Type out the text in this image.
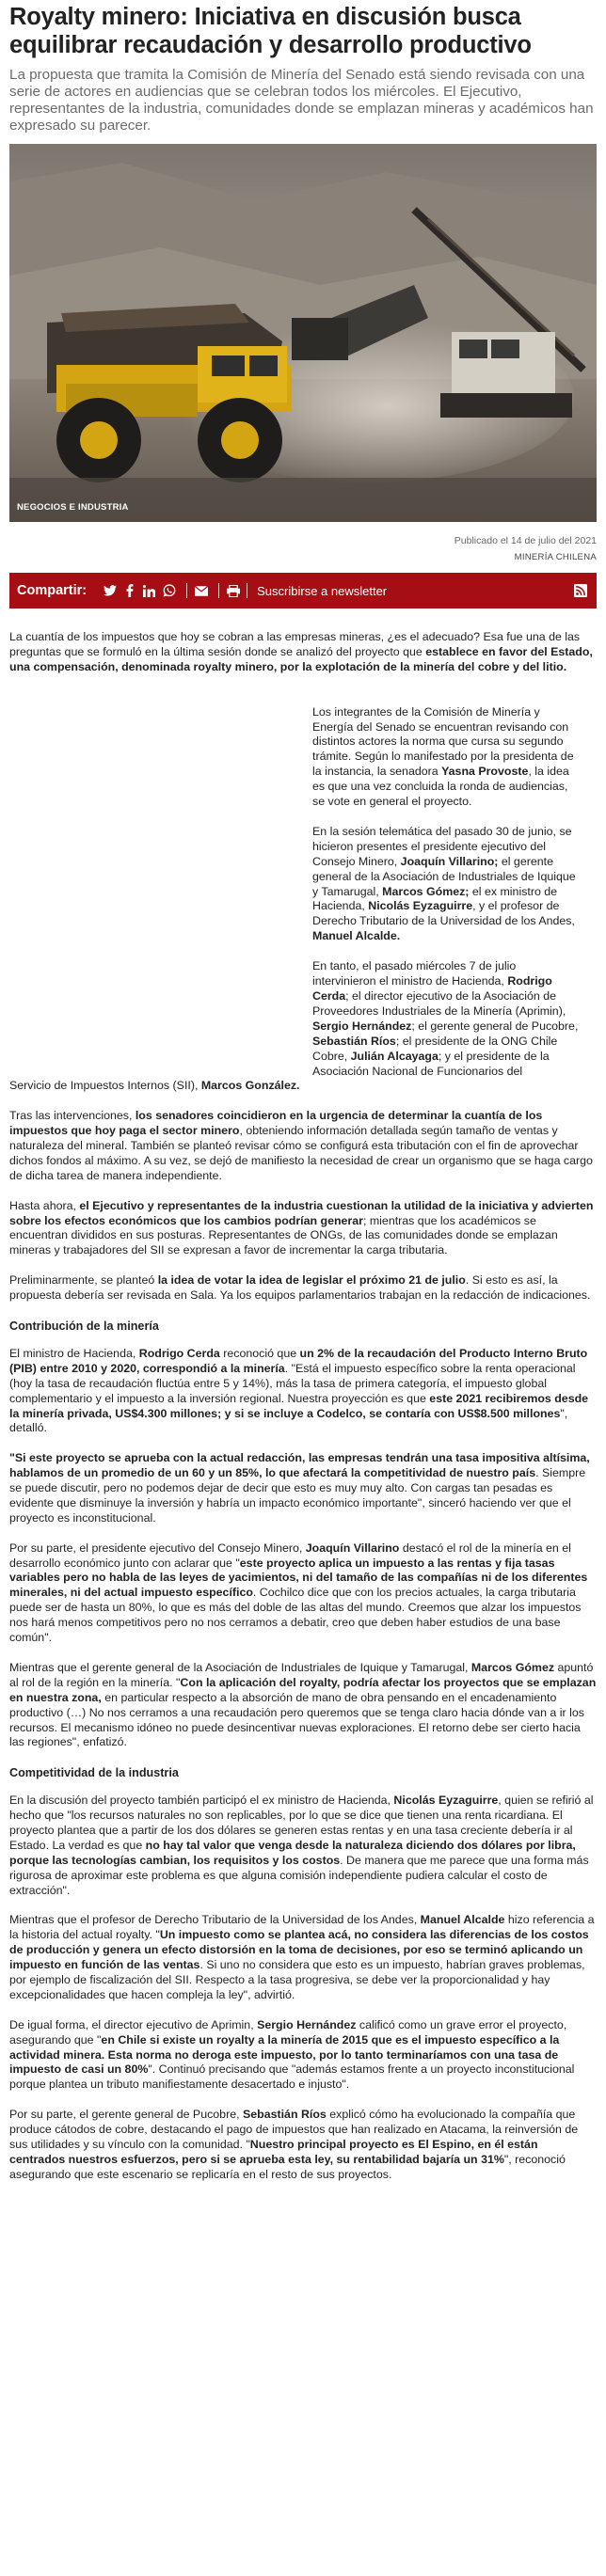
Royalty minero: Iniciativa en discusión busca equilibrar recaudación y desarrollo productivo

La propuesta que tramita la Comisión de Minería del Senado está siendo revisada con una serie de actores en audiencias que se celebran todos los miércoles. El Ejecutivo, representantes de la industria, comunidades donde se emplazan mineras y académicos han expresado su parecer.

NEGOCIOS E INDUSTRIA
Publicado el 14 de julio del 2021
MINERÍA CHILENA
Compartir:	Suscribirse a newsletter

La cuantía de los impuestos que hoy se cobran a las empresas mineras, ¿es el adecuado? Esa fue una de las preguntas que se formuló en la última sesión donde se analizó del proyecto que establece en favor del Estado, una compensación, denominada royalty minero, por la explotación de la minería del cobre y del litio.

Los integrantes de la Comisión de Minería y Energía del Senado se encuentran revisando con distintos actores la norma que cursa su segundo trámite. Según lo manifestado por la presidenta de la instancia, la senadora Yasna Provoste, la idea es que una vez concluida la ronda de audiencias, se vote en general el proyecto.

En la sesión telemática del pasado 30 de junio, se hicieron presentes el presidente ejecutivo del Consejo Minero, Joaquín Villarino; el gerente general de la Asociación de Industriales de Iquique y Tamarugal, Marcos Gómez; el ex ministro de Hacienda, Nicolás Eyzaguirre, y el profesor de Derecho Tributario de la Universidad de los Andes, Manuel Alcalde.

En tanto, el pasado miércoles 7 de julio intervinieron el ministro de Hacienda, Rodrigo Cerda; el director ejecutivo de la Asociación de Proveedores Industriales de la Minería (Aprimin), Sergio Hernández; el gerente general de Pucobre, Sebastián Ríos; el presidente de la ONG Chile Cobre, Julián Alcayaga; y el presidente de la Asociación Nacional de Funcionarios del

Servicio de Impuestos Internos (SII), Marcos González.

Tras las intervenciones, los senadores coincidieron en la urgencia de determinar la cuantía de los impuestos que hoy paga el sector minero, obteniendo información detallada según tamaño de ventas y naturaleza del mineral. También se planteó revisar cómo se configurá esta tributación con el fin de aprovechar dichos fondos al máximo. A su vez, se dejó de manifiesto la necesidad de crear un organismo que se haga cargo de dicha tarea de manera independiente.

Hasta ahora, el Ejecutivo y representantes de la industria cuestionan la utilidad de la iniciativa y advierten sobre los efectos económicos que los cambios podrían generar; mientras que los académicos se encuentran divididos en sus posturas. Representantes de ONGs, de las comunidades donde se emplazan mineras y trabajadores del SII se expresan a favor de incrementar la carga tributaria.

Preliminarmente, se planteó la idea de votar la idea de legislar el próximo 21 de julio. Si esto es así, la propuesta debería ser revisada en Sala. Ya los equipos parlamentarios trabajan en la redacción de indicaciones.

Contribución de la minería

El ministro de Hacienda, Rodrigo Cerda reconoció que un 2% de la recaudación del Producto Interno Bruto (PIB) entre 2010 y 2020, correspondió a la minería. "Está el impuesto específico sobre la renta operacional (hoy la tasa de recaudación fluctúa entre 5 y 14%), más la tasa de primera categoría, el impuesto global complementario y el impuesto a la inversión regional. Nuestra proyección es que este 2021 recibiremos desde la minería privada, US$4.300 millones; y si se incluye a Codelco, se contaría con US$8.500 millones", detalló.

"Si este proyecto se aprueba con la actual redacción, las empresas tendrán una tasa impositiva altísima, hablamos de un promedio de un 60 y un 85%, lo que afectará la competitividad de nuestro país. Siempre se puede discutir, pero no podemos dejar de decir que esto es muy muy alto. Con cargas tan pesadas es evidente que disminuye la inversión y habría un impacto económico importante", sinceró haciendo ver que el proyecto es inconstitucional.

Por su parte, el presidente ejecutivo del Consejo Minero, Joaquín Villarino destacó el rol de la minería en el desarrollo económico junto con aclarar que "este proyecto aplica un impuesto a las rentas y fija tasas variables pero no habla de las leyes de yacimientos, ni del tamaño de las compañías ni de los diferentes minerales, ni del actual impuesto específico. Cochilco dice que con los precios actuales, la carga tributaria puede ser de hasta un 80%, lo que es más del doble de las altas del mundo. Creemos que alzar los impuestos nos hará menos competitivos pero no nos cerramos a debatir, creo que deben haber estudios de una base común".

Mientras que el gerente general de la Asociación de Industriales de Iquique y Tamarugal, Marcos Gómez apuntó al rol de la región en la minería. "Con la aplicación del royalty, podría afectar los proyectos que se emplazan en nuestra zona, en particular respecto a la absorción de mano de obra pensando en el encadenamiento productivo (…) No nos cerramos a una recaudación pero queremos que se tenga claro hacia dónde van a ir los recursos. El mecanismo idóneo no puede desincentivar nuevas exploraciones. El retorno debe ser cierto hacia las regiones", enfatizó.

Competitividad de la industria

En la discusión del proyecto también participó el ex ministro de Hacienda, Nicolás Eyzaguirre, quien se refirió al hecho que "los recursos naturales no son replicables, por lo que se dice que tienen una renta ricardiana. El proyecto plantea que a partir de los dos dólares se generen estas rentas y en una tasa creciente debería ir al Estado. La verdad es que no hay tal valor que venga desde la naturaleza diciendo dos dólares por libra, porque las tecnologías cambian, los requisitos y los costos. De manera que me parece que una forma más rigurosa de aproximar este problema es que alguna comisión independiente pudiera calcular el costo de extracción".

Mientras que el profesor de Derecho Tributario de la Universidad de los Andes, Manuel Alcalde hizo referencia a la historia del actual royalty. "Un impuesto como se plantea acá, no considera las diferencias de los costos de producción y genera un efecto distorsión en la toma de decisiones, por eso se terminó aplicando un impuesto en función de las ventas. Si uno no considera que esto es un impuesto, habrían graves problemas, por ejemplo de fiscalización del SII. Respecto a la tasa progresiva, se debe ver la proporcionalidad y hay excepcionalidades que hacen compleja la ley", advirtió.

De igual forma, el director ejecutivo de Aprimin, Sergio Hernández calificó como un grave error el proyecto, asegurando que "en Chile si existe un royalty a la minería de 2015 que es el impuesto específico a la actividad minera. Esta norma no deroga este impuesto, por lo tanto terminaríamos con una tasa de impuesto de casi un 80%". Continuó precisando que "además estamos frente a un proyecto inconstitucional porque plantea un tributo manifiestamente desacertado e injusto".

Por su parte, el gerente general de Pucobre, Sebastián Ríos explicó cómo ha evolucionado la compañía que produce cátodos de cobre, destacando el pago de impuestos que han realizado en Atacama, la reinversión de sus utilidades y su vínculo con la comunidad. "Nuestro principal proyecto es El Espino, en él están centrados nuestros esfuerzos, pero si se aprueba esta ley, su rentabilidad bajaría un 31%", reconoció asegurando que este escenario se replicaría en el resto de sus proyectos.
